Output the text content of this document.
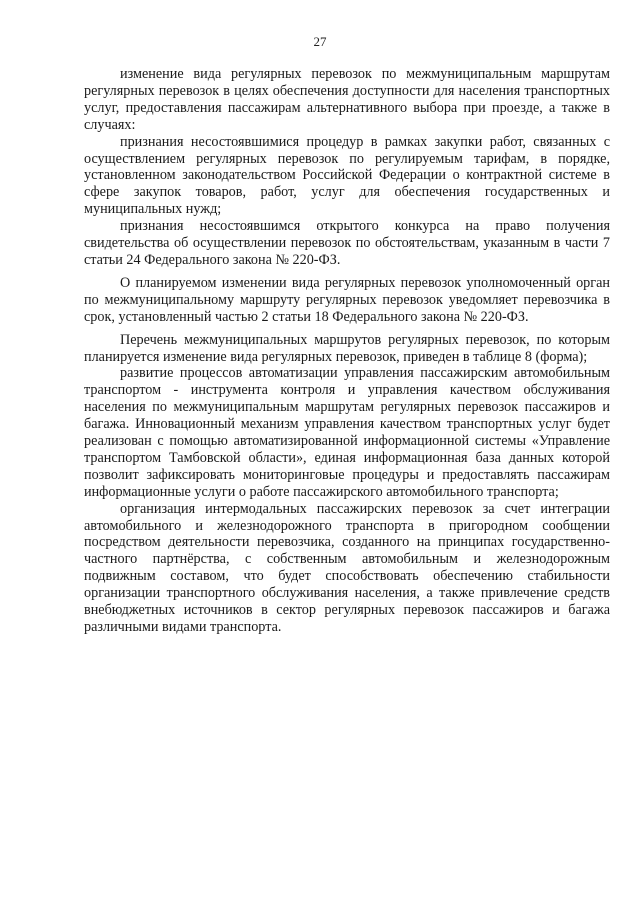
27

изменение вида регулярных перевозок по межмуниципальным маршрутам регулярных перевозок в целях обеспечения доступности для населения транспортных услуг, предоставления пассажирам альтернативного выбора при проезде, а также в случаях:

признания несостоявшимися процедур в рамках закупки работ, связанных с осуществлением регулярных перевозок по регулируемым тарифам, в порядке, установленном законодательством Российской Федерации о контрактной системе в сфере закупок товаров, работ, услуг для обеспечения государственных и муниципальных нужд;

признания несостоявшимся открытого конкурса на право получения свидетельства об осуществлении перевозок по обстоятельствам, указанным в части 7 статьи 24 Федерального закона № 220-ФЗ.

О планируемом изменении вида регулярных перевозок уполномоченный орган по межмуниципальному маршруту регулярных перевозок уведомляет перевозчика в срок, установленный частью 2 статьи 18 Федерального закона № 220-ФЗ.

Перечень межмуниципальных маршрутов регулярных перевозок, по которым планируется изменение вида регулярных перевозок, приведен в таблице 8 (форма);

развитие процессов автоматизации управления пассажирским автомобильным транспортом - инструмента контроля и управления качеством обслуживания населения по межмуниципальным маршрутам регулярных перевозок пассажиров и багажа. Инновационный механизм управления качеством транспортных услуг будет реализован с помощью автоматизированной информационной системы «Управление транспортом Тамбовской области», единая информационная база данных которой позволит зафиксировать мониторинговые процедуры и предоставлять пассажирам информационные услуги о работе пассажирского автомобильного транспорта;

организация интермодальных пассажирских перевозок за счет интеграции автомобильного и железнодорожного транспорта в пригородном сообщении посредством деятельности перевозчика, созданного на принципах государственно-частного партнёрства, с собственным автомобильным и железнодорожным подвижным составом, что будет способствовать обеспечению стабильности организации транспортного обслуживания населения, а также привлечение средств внебюджетных источников в сектор регулярных перевозок пассажиров и багажа различными видами транспорта.
